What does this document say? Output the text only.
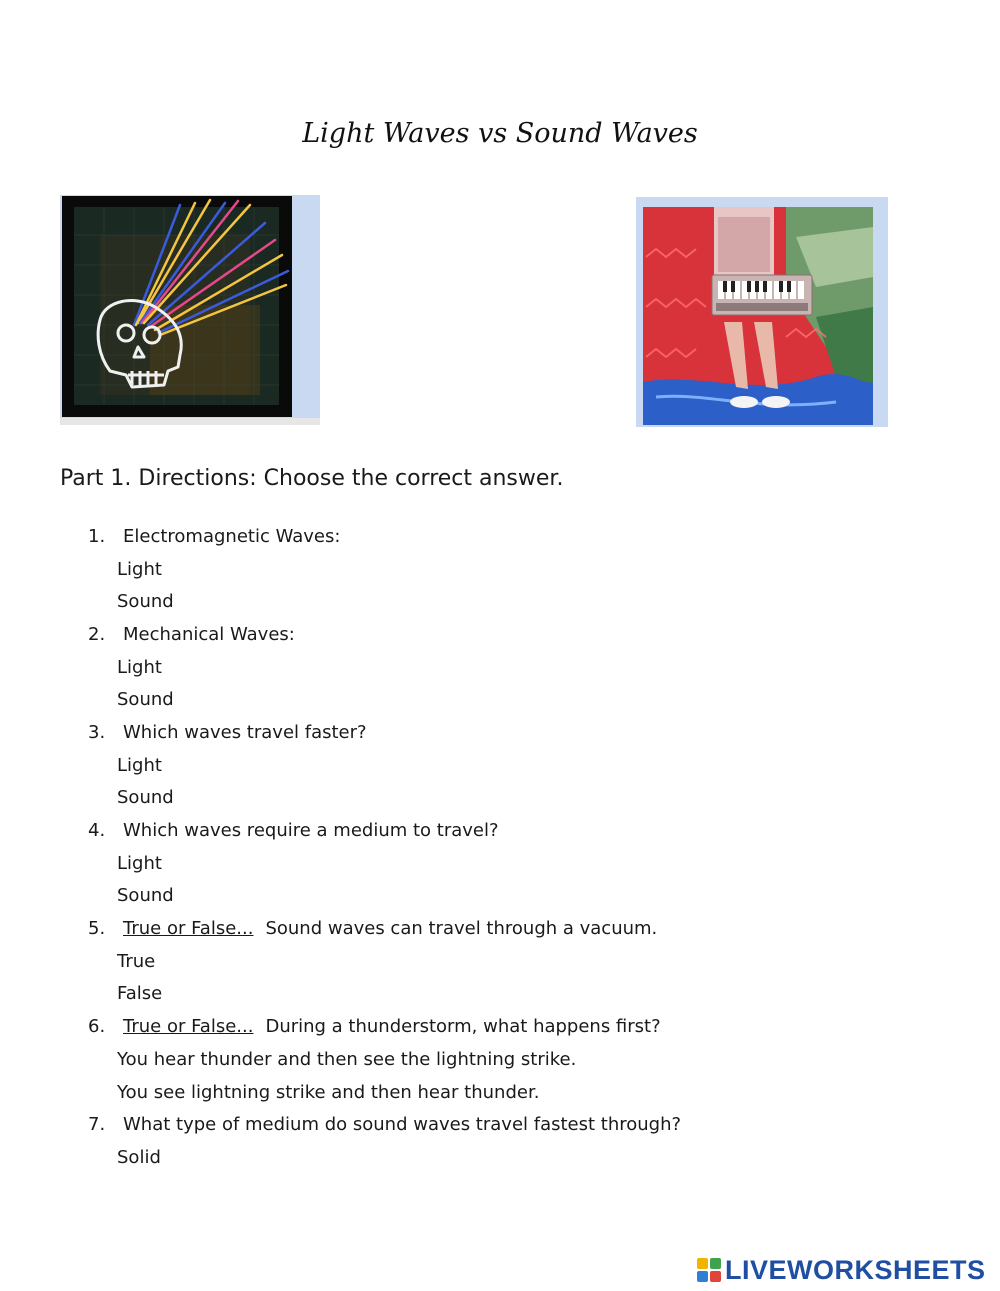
Light Waves vs Sound Waves
Part 1. Directions: Choose the correct answer.
1. Electromagnetic Waves:
Light
Sound
2. Mechanical Waves:
Light
Sound
3. Which waves travel faster?
Light
Sound
4. Which waves require a medium to travel?
Light
Sound
5. True or False... Sound waves can travel through a vacuum.
True
False
6. True or False... During a thunderstorm, what happens first?
You hear thunder and then see the lightning strike.
You see lightning strike and then hear thunder.
7. What type of medium do sound waves travel fastest through?
Solid
LIVEWORKSHEETS
